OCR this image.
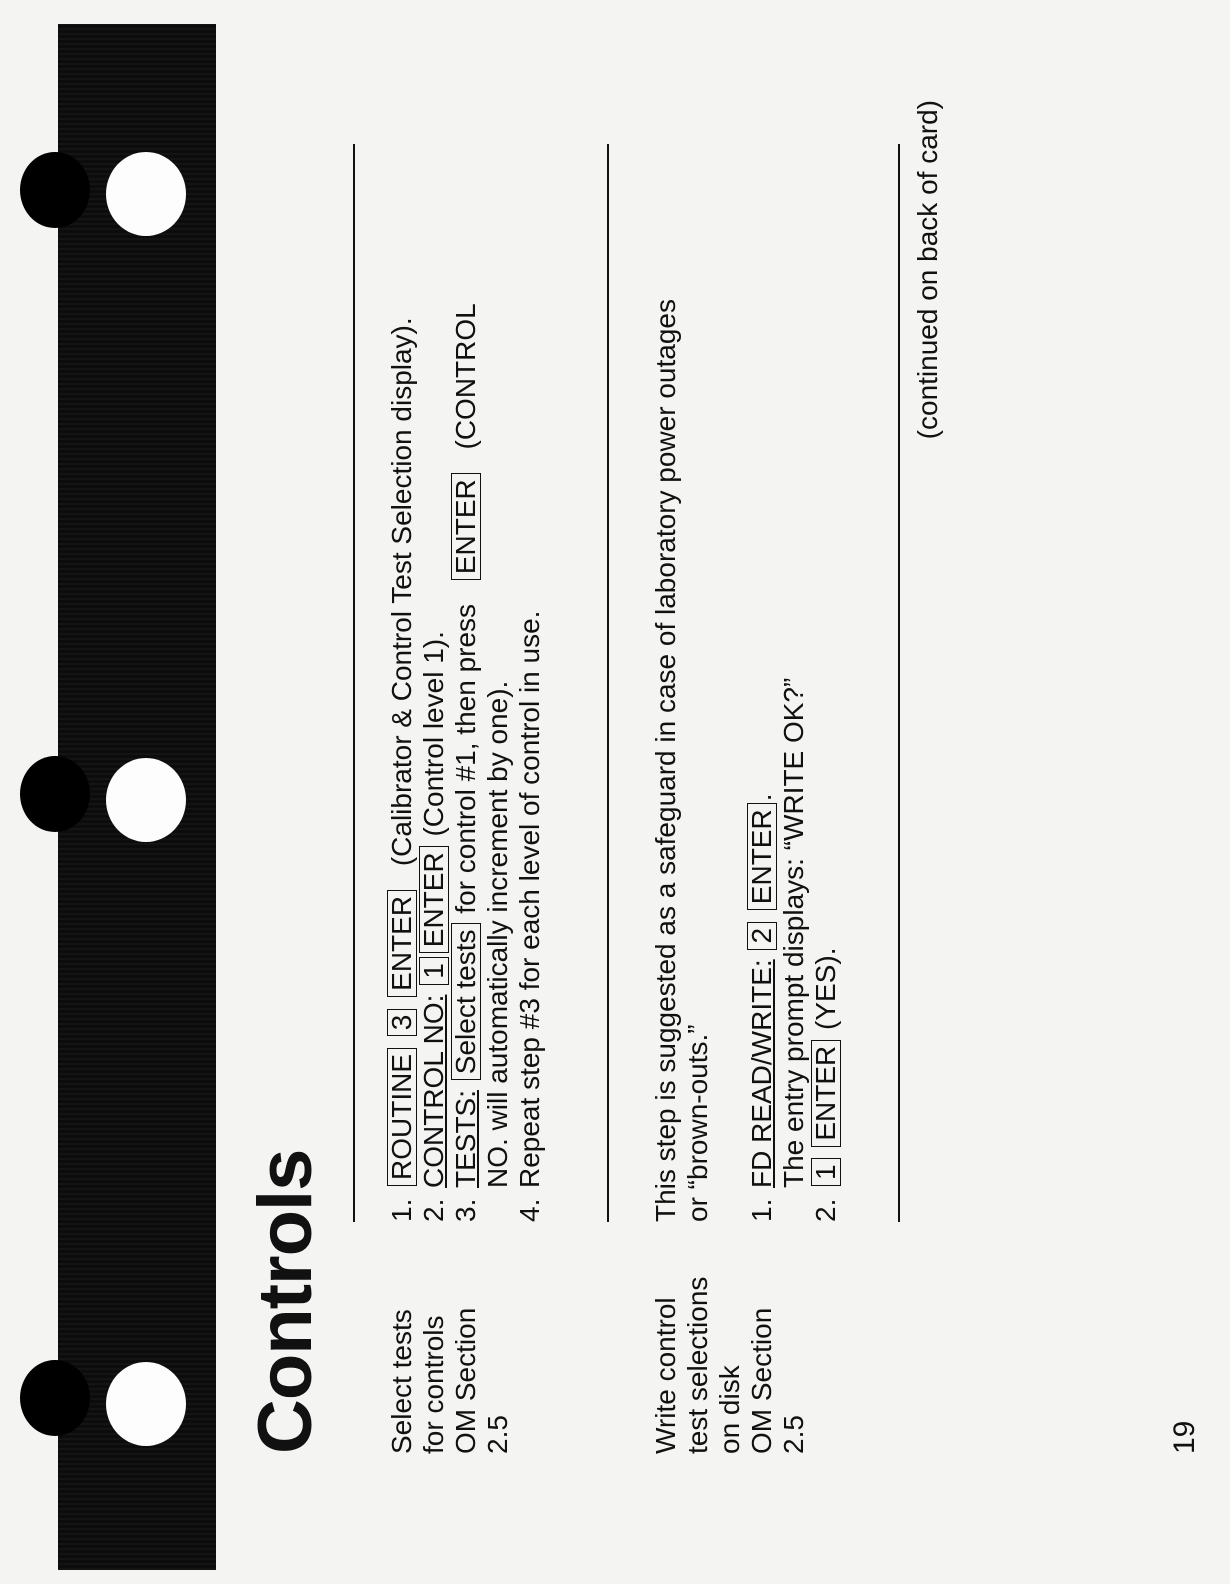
Controls Select tests for controls OM Section 2.5
1.ROUTINE 3 ENTER (Calibrator & Control Test Selection display).
2.CONTROL NO: 1ENTER (Control level 1).
3.TESTS: Select tests for control #1, then press ENTER (CONTROL
NO. will automatically increment by one).
4.Repeat step #3 for each level of control in use.
Write control test selections on disk OM Section 2.5
This step is suggested as a safeguard in case of laboratory power outages or “brown-outs.” 1.FD READ/WRITE: 2 ENTER. The entry prompt displays: “WRITE OK?”
2.1 ENTER (YES).
(continued on back of card)
19
